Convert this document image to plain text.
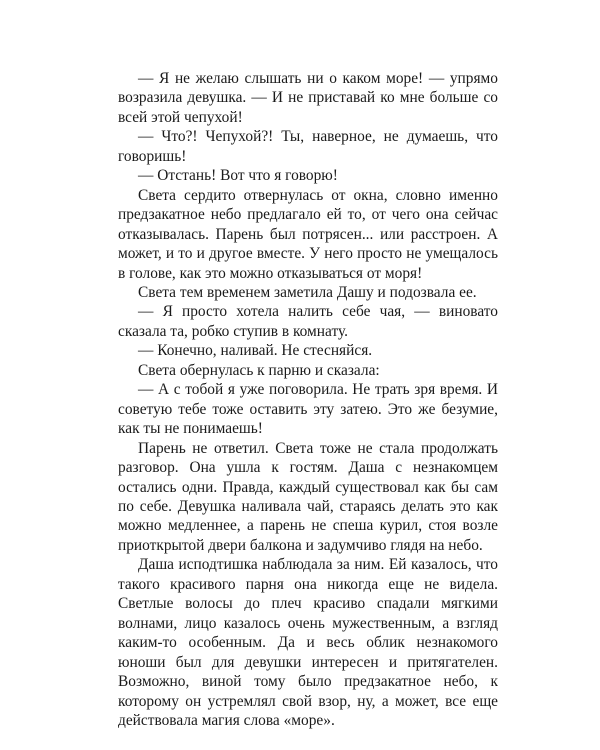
— Я не желаю слышать ни о каком море! — упрямо возразила девушка. — И не приставай ко мне больше со всей этой чепухой!

— Что?! Чепухой?! Ты, наверное, не думаешь, что говоришь!

— Отстань! Вот что я говорю!

Света сердито отвернулась от окна, словно именно предзакатное небо предлагало ей то, от чего она сейчас отказывалась. Парень был потрясен... или расстроен. А может, и то и другое вместе. У него просто не умещалось в голове, как это можно отказываться от моря!

Света тем временем заметила Дашу и подозвала ее.

— Я просто хотела налить себе чая, — виновато сказала та, робко ступив в комнату.

— Конечно, наливай. Не стесняйся.

Света обернулась к парню и сказала:

— А с тобой я уже поговорила. Не трать зря время. И советую тебе тоже оставить эту затею. Это же безумие, как ты не понимаешь!

Парень не ответил. Света тоже не стала продолжать разговор. Она ушла к гостям. Даша с незнакомцем остались одни. Правда, каждый существовал как бы сам по себе. Девушка наливала чай, стараясь делать это как можно медленнее, а парень не спеша курил, стоя возле приоткрытой двери балкона и задумчиво глядя на небо.

Даша исподтишка наблюдала за ним. Ей казалось, что такого красивого парня она никогда еще не видела. Светлые волосы до плеч красиво спадали мягкими волнами, лицо казалось очень мужественным, а взгляд каким-то особенным. Да и весь облик незнакомого юноши был для девушки интересен и притягателен. Возможно, виной тому было предзакатное небо, к которому он устремлял свой взор, ну, а может, все еще действовала магия слова «море».
